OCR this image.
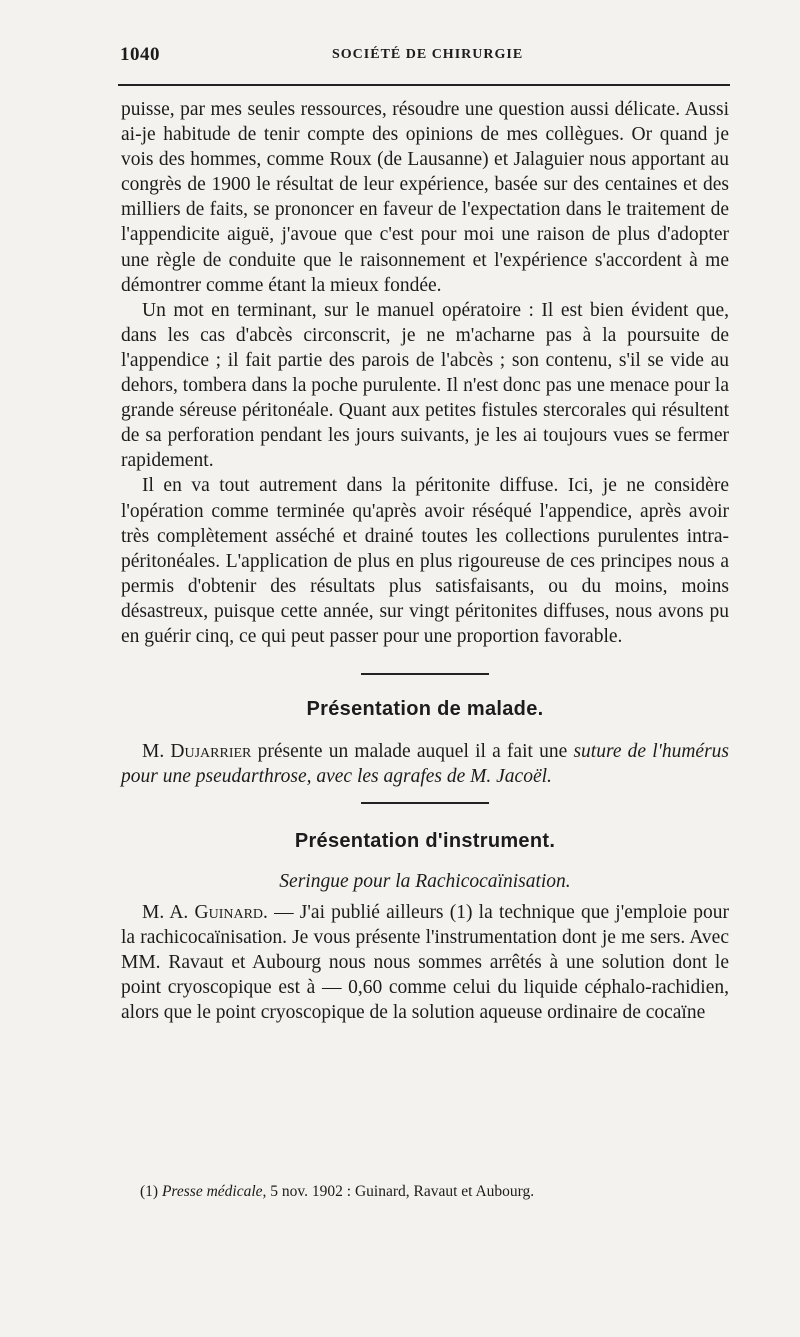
1040	SOCIÉTÉ DE CHIRURGIE

puisse, par mes seules ressources, résoudre une question aussi délicate. Aussi ai-je habitude de tenir compte des opinions de mes collègues. Or quand je vois des hommes, comme Roux (de Lausanne) et Jalaguier nous apportant au congrès de 1900 le résultat de leur expérience, basée sur des centaines et des milliers de faits, se prononcer en faveur de l'expectation dans le traitement de l'appendicite aiguë, j'avoue que c'est pour moi une raison de plus d'adopter une règle de conduite que le raisonnement et l'expérience s'accordent à me démontrer comme étant la mieux fondée.

Un mot en terminant, sur le manuel opératoire : Il est bien évident que, dans les cas d'abcès circonscrit, je ne m'acharne pas à la poursuite de l'appendice ; il fait partie des parois de l'abcès ; son contenu, s'il se vide au dehors, tombera dans la poche purulente. Il n'est donc pas une menace pour la grande séreuse péritonéale. Quant aux petites fistules stercorales qui résultent de sa perforation pendant les jours suivants, je les ai toujours vues se fermer rapidement.

Il en va tout autrement dans la péritonite diffuse. Ici, je ne considère l'opération comme terminée qu'après avoir réséqué l'appendice, après avoir très complètement asséché et drainé toutes les collections purulentes intra-péritonéales. L'application de plus en plus rigoureuse de ces principes nous a permis d'obtenir des résultats plus satisfaisants, ou du moins, moins désastreux, puisque cette année, sur vingt péritonites diffuses, nous avons pu en guérir cinq, ce qui peut passer pour une proportion favorable.

Présentation de malade.

M. Dujarrier présente un malade auquel il a fait une suture de l'humérus pour une pseudarthrose, avec les agrafes de M. Jacoël.

Présentation d'instrument.
Seringue pour la Rachicocaïnisation.

M. A. Guinard. — J'ai publié ailleurs (1) la technique que j'emploie pour la rachicocaïnisation. Je vous présente l'instrumentation dont je me sers. Avec MM. Ravaut et Aubourg nous nous sommes arrêtés à une solution dont le point cryoscopique est à — 0,60 comme celui du liquide céphalo-rachidien, alors que le point cryoscopique de la solution aqueuse ordinaire de cocaïne

(1) Presse médicale, 5 nov. 1902 : Guinard, Ravaut et Aubourg.
